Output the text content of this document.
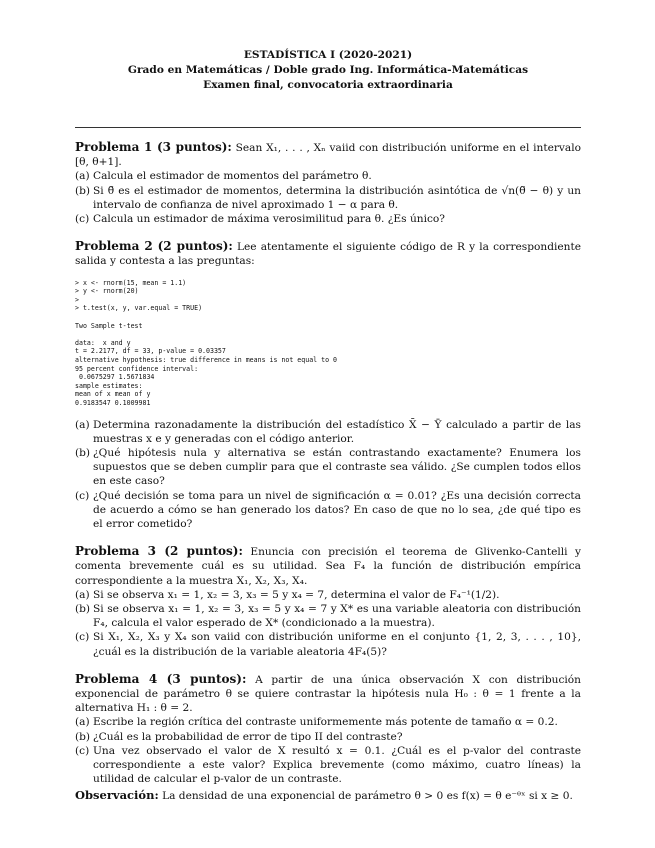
ESTADÍSTICA I (2020-2021)
Grado en Matemáticas / Doble grado Ing. Informática-Matemáticas
Examen final, convocatoria extraordinaria
Problema 1 (3 puntos): Sean X₁, . . . , Xₙ vaiid con distribución uniforme en el intervalo [θ, θ+1].
(a) Calcula el estimador de momentos del parámetro θ.
(b) Si θ̃ es el estimador de momentos, determina la distribución asintótica de √n(θ̃ − θ) y un intervalo de confianza de nivel aproximado 1 − α para θ.
(c) Calcula un estimador de máxima verosimilitud para θ. ¿Es único?
Problema 2 (2 puntos): Lee atentamente el siguiente código de R y la correspondiente salida y contesta a las preguntas:
> x <- rnorm(15, mean = 1.1)
> y <- rnorm(20)
>
> t.test(x, y, var.equal = TRUE)

Two Sample t-test

data:  x and y
t = 2.2177, df = 33, p-value = 0.03357
alternative hypothesis: true difference in means is not equal to 0
95 percent confidence interval:
0.0675297 1.5671834
sample estimates:
mean of x mean of y
0.9183547 0.1009981
(a) Determina razonadamente la distribución del estadístico X̄ − Ȳ calculado a partir de las muestras x e y generadas con el código anterior.
(b) ¿Qué hipótesis nula y alternativa se están contrastando exactamente? Enumera los supuestos que se deben cumplir para que el contraste sea válido. ¿Se cumplen todos ellos en este caso?
(c) ¿Qué decisión se toma para un nivel de significación α = 0.01? ¿Es una decisión correcta de acuerdo a cómo se han generado los datos? En caso de que no lo sea, ¿de qué tipo es el error cometido?
Problema 3 (2 puntos): Enuncia con precisión el teorema de Glivenko-Cantelli y comenta brevemente cuál es su utilidad. Sea F₄ la función de distribución empírica correspondiente a la muestra X₁, X₂, X₃, X₄.
(a) Si se observa x₁ = 1, x₂ = 3, x₃ = 5 y x₄ = 7, determina el valor de F₄⁻¹(1/2).
(b) Si se observa x₁ = 1, x₂ = 3, x₃ = 5 y x₄ = 7 y X* es una variable aleatoria con distribución F₄, calcula el valor esperado de X* (condicionado a la muestra).
(c) Si X₁, X₂, X₃ y X₄ son vaiid con distribución uniforme en el conjunto {1, 2, 3, . . . , 10}, ¿cuál es la distribución de la variable aleatoria 4F₄(5)?
Problema 4 (3 puntos): A partir de una única observación X con distribución exponencial de parámetro θ se quiere contrastar la hipótesis nula H₀ : θ = 1 frente a la alternativa H₁ : θ = 2.
(a) Escribe la región crítica del contraste uniformemente más potente de tamaño α = 0.2.
(b) ¿Cuál es la probabilidad de error de tipo II del contraste?
(c) Una vez observado el valor de X resultó x = 0.1. ¿Cuál es el p-valor del contraste correspondiente a este valor? Explica brevemente (como máximo, cuatro líneas) la utilidad de calcular el p-valor de un contraste.
Observación: La densidad de una exponencial de parámetro θ > 0 es f(x) = θ e⁻ᶿˣ si x ≥ 0.
